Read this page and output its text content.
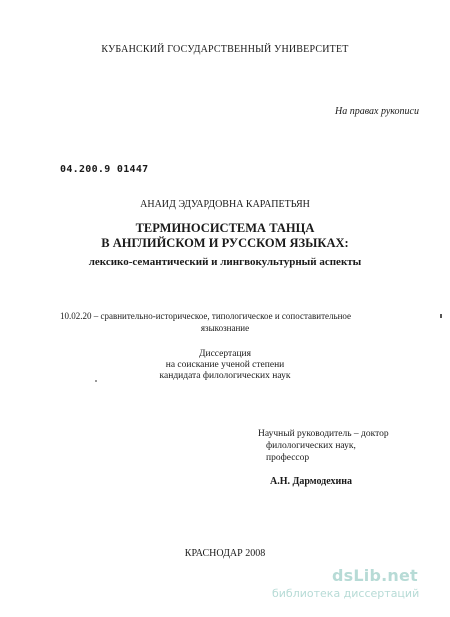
КУБАНСКИЙ ГОСУДАРСТВЕННЫЙ УНИВЕРСИТЕТ
На правах рукописи
04.200.9 01447
АНАИД ЭДУАРДОВНА КАРАПЕТЬЯН
ТЕРМИНОСИСТЕМА ТАНЦА
В АНГЛИЙСКОМ И РУССКОМ ЯЗЫКАХ:
лексико-семантический и лингвокультурный аспекты
10.02.20 – сравнительно-историческое, типологическое и сопоставительное
языкознание
Диссертация
на соискание ученой степени
кандидата филологических наук
Научный руководитель – доктор
филологических наук,
профессор
А.Н. Дармодехина
КРАСНОДАР 2008
dsLib.net
библиотека диссертаций
